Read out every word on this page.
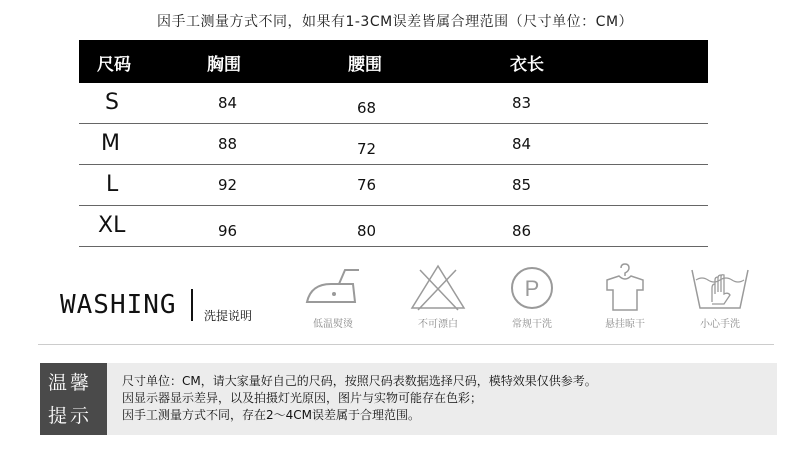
因手工测量方式不同，如果有1-3CM误差皆属合理范围（尺寸单位：CM）
尺码	胸围	腰围	衣长
S	84	68	83
M	88	72	84
L	92	76	85
XL	96	80	86
WASHING 洗提说明
低温熨烫	不可漂白
P
常规干洗	悬挂晾干	小心手洗
温馨
提示
尺寸单位：CM，请大家量好自己的尺码，按照尺码表数据选择尺码，模特效果仅供参考。
因显示器显示差异，以及拍摄灯光原因，图片与实物可能存在色彩；
因手工测量方式不同，存在2～4CM误差属于合理范围。
